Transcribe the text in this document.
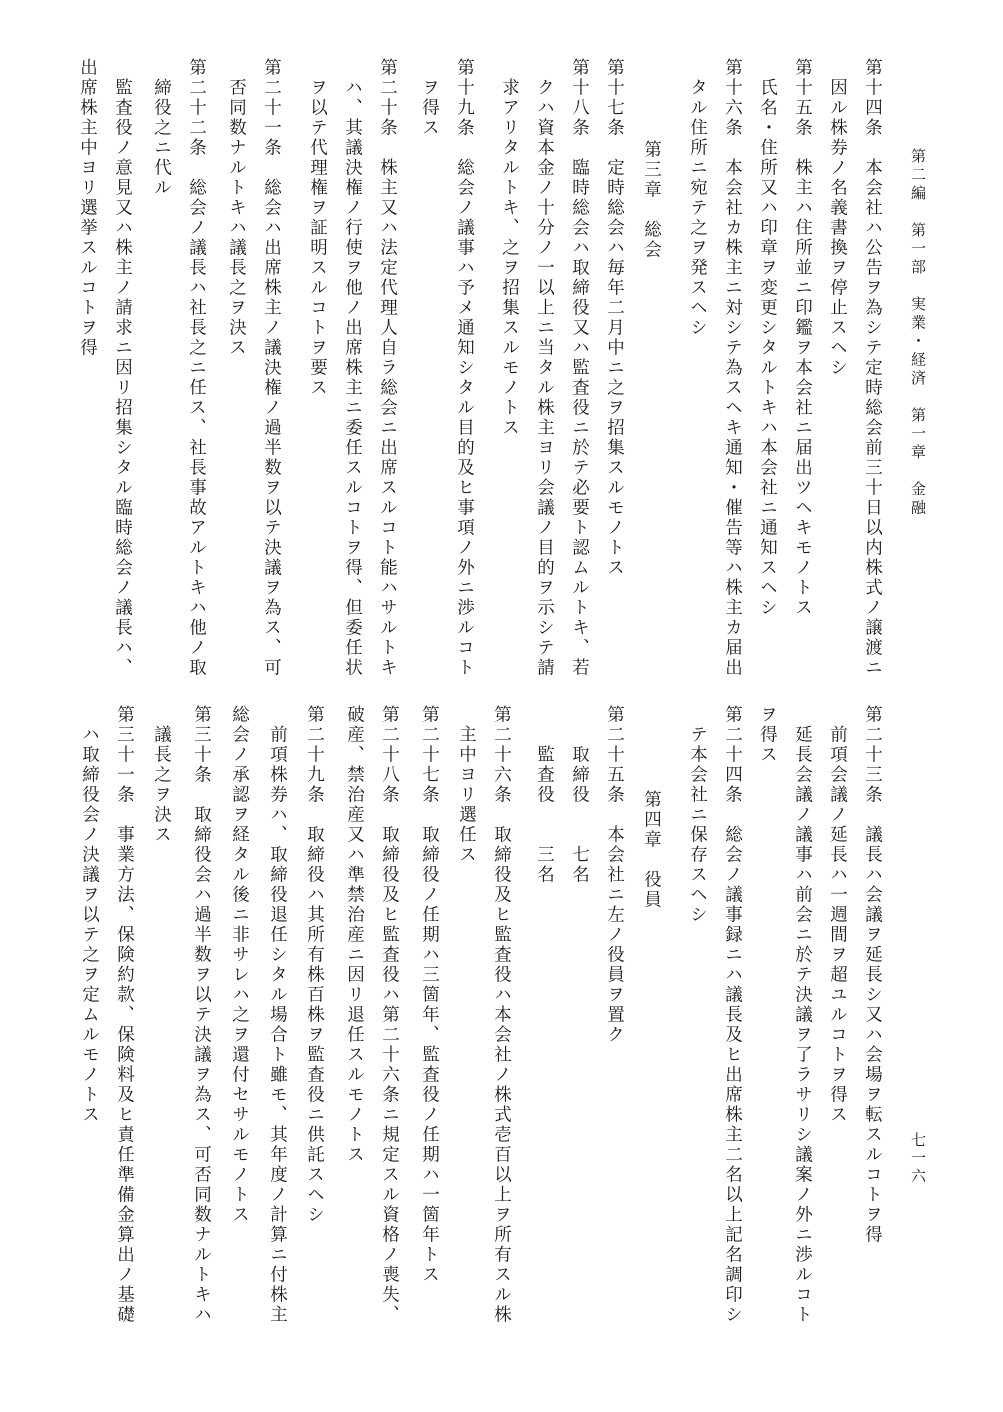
第二編　第一部　実業・経済　第一章　金融
七一六
第十四条　本会社ハ公告ヲ為シテ定時総会前三十日以内株式ノ譲渡ニ
因ル株券ノ名義書換ヲ停止スヘシ
第十五条　株主ハ住所並ニ印鑑ヲ本会社ニ届出ツヘキモノトス
氏名・住所又ハ印章ヲ変更シタルトキハ本会社ニ通知スヘシ
第十六条　本会社カ株主ニ対シテ為スヘキ通知・催告等ハ株主カ届出
タル住所ニ宛テ之ヲ発スヘシ
第三章　総会
第十七条　定時総会ハ毎年二月中ニ之ヲ招集スルモノトス
第十八条　臨時総会ハ取締役又ハ監査役ニ於テ必要ト認ムルトキ、若
クハ資本金ノ十分ノ一以上ニ当タル株主ヨリ会議ノ目的ヲ示シテ請
求アリタルトキ、之ヲ招集スルモノトス
第十九条　総会ノ議事ハ予メ通知シタル目的及ヒ事項ノ外ニ渉ルコト
ヲ得ス
第二十条　株主又ハ法定代理人自ラ総会ニ出席スルコト能ハサルトキ
ハ、其議決権ノ行使ヲ他ノ出席株主ニ委任スルコトヲ得、但委任状
ヲ以テ代理権ヲ証明スルコトヲ要ス
第二十一条　総会ハ出席株主ノ議決権ノ過半数ヲ以テ決議ヲ為ス、可
否同数ナルトキハ議長之ヲ決ス
第二十二条　総会ノ議長ハ社長之ニ任ス、社長事故アルトキハ他ノ取
締役之ニ代ル
監査役ノ意見又ハ株主ノ請求ニ因リ招集シタル臨時総会ノ議長ハ、
出席株主中ヨリ選挙スルコトヲ得
第二十三条　議長ハ会議ヲ延長シ又ハ会場ヲ転スルコトヲ得
前項会議ノ延長ハ一週間ヲ超ユルコトヲ得ス
延長会議ノ議事ハ前会ニ於テ決議ヲ了ラサリシ議案ノ外ニ渉ルコト
ヲ得ス
第二十四条　総会ノ議事録ニハ議長及ヒ出席株主二名以上記名調印シ
テ本会社ニ保存スヘシ
第四章　役員
第二十五条　本会社ニ左ノ役員ヲ置ク
取締役　　七名
監査役　　三名
第二十六条　取締役及ヒ監査役ハ本会社ノ株式壱百以上ヲ所有スル株
主中ヨリ選任ス
第二十七条　取締役ノ任期ハ三箇年、監査役ノ任期ハ一箇年トス
第二十八条　取締役及ヒ監査役ハ第二十六条ニ規定スル資格ノ喪失、
破産、禁治産又ハ準禁治産ニ因リ退任スルモノトス
第二十九条　取締役ハ其所有株百株ヲ監査役ニ供託スヘシ
前項株券ハ、取締役退任シタル場合ト雖モ、其年度ノ計算ニ付株主
総会ノ承認ヲ経タル後ニ非サレハ之ヲ還付セサルモノトス
第三十条　取締役会ハ過半数ヲ以テ決議ヲ為ス、可否同数ナルトキハ
議長之ヲ決ス
第三十一条　事業方法、保険約款、保険料及ヒ責任準備金算出ノ基礎
ハ取締役会ノ決議ヲ以テ之ヲ定ムルモノトス
